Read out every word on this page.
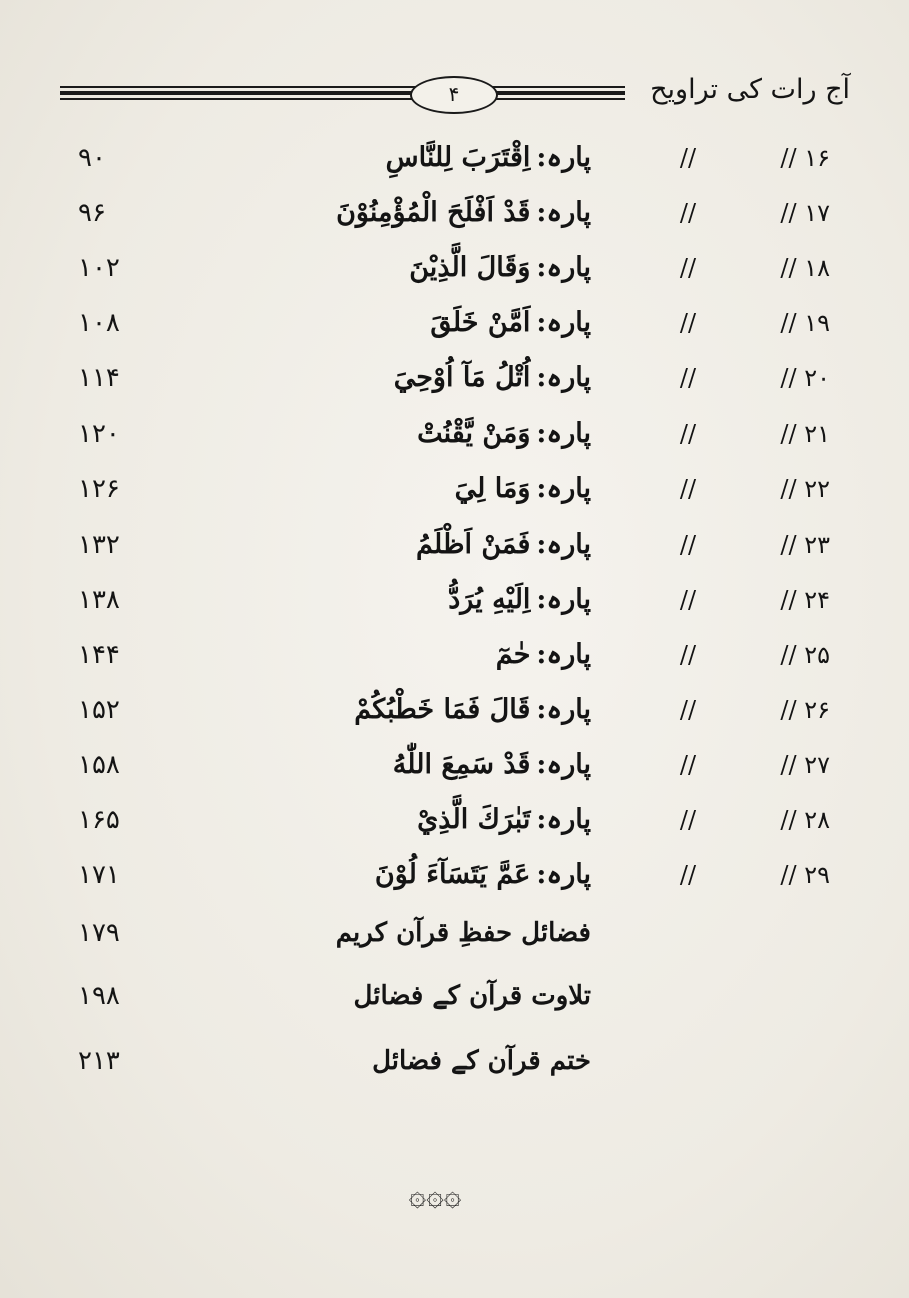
۴	آج رات کی تراویح
۹۰	پارہ:اِقْتَرَبَ لِلنَّاسِ	//	۱۶ //
۹۶	پارہ:قَدْ اَفْلَحَ الْمُؤْمِنُوْنَ	//	۱۷ //
۱۰۲	پارہ:وَقَالَ الَّذِيْنَ	//	۱۸ //
۱۰۸	پارہ:اَمَّنْ خَلَقَ	//	۱۹ //
۱۱۴	پارہ:اُتْلُ مَآ اُوْحِيَ	//	۲۰ //
۱۲۰	پارہ:وَمَنْ يَّقْنُتْ	//	۲۱ //
۱۲۶	پارہ:وَمَا لِيَ	//	۲۲ //
۱۳۲	پارہ:فَمَنْ اَظْلَمُ	//	۲۳ //
۱۳۸	پارہ:اِلَيْهِ يُرَدُّ	//	۲۴ //
۱۴۴	پارہ:حٰمٓ	//	۲۵ //
۱۵۲	پارہ:قَالَ فَمَا خَطْبُكُمْ	//	۲۶ //
۱۵۸	پارہ:قَدْ سَمِعَ اللّٰهُ	//	۲۷ //
۱۶۵	پارہ:تَبٰرَكَ الَّذِيْ	//	۲۸ //
۱۷۱	پارہ:عَمَّ يَتَسَآءَ لُوْنَ	//	۲۹ //
۱۷۹	فضائل حفظِ قرآن کریم
۱۹۸	تلاوت قرآن کے فضائل
۲۱۳	ختم قرآن کے فضائل
۞۞۞
